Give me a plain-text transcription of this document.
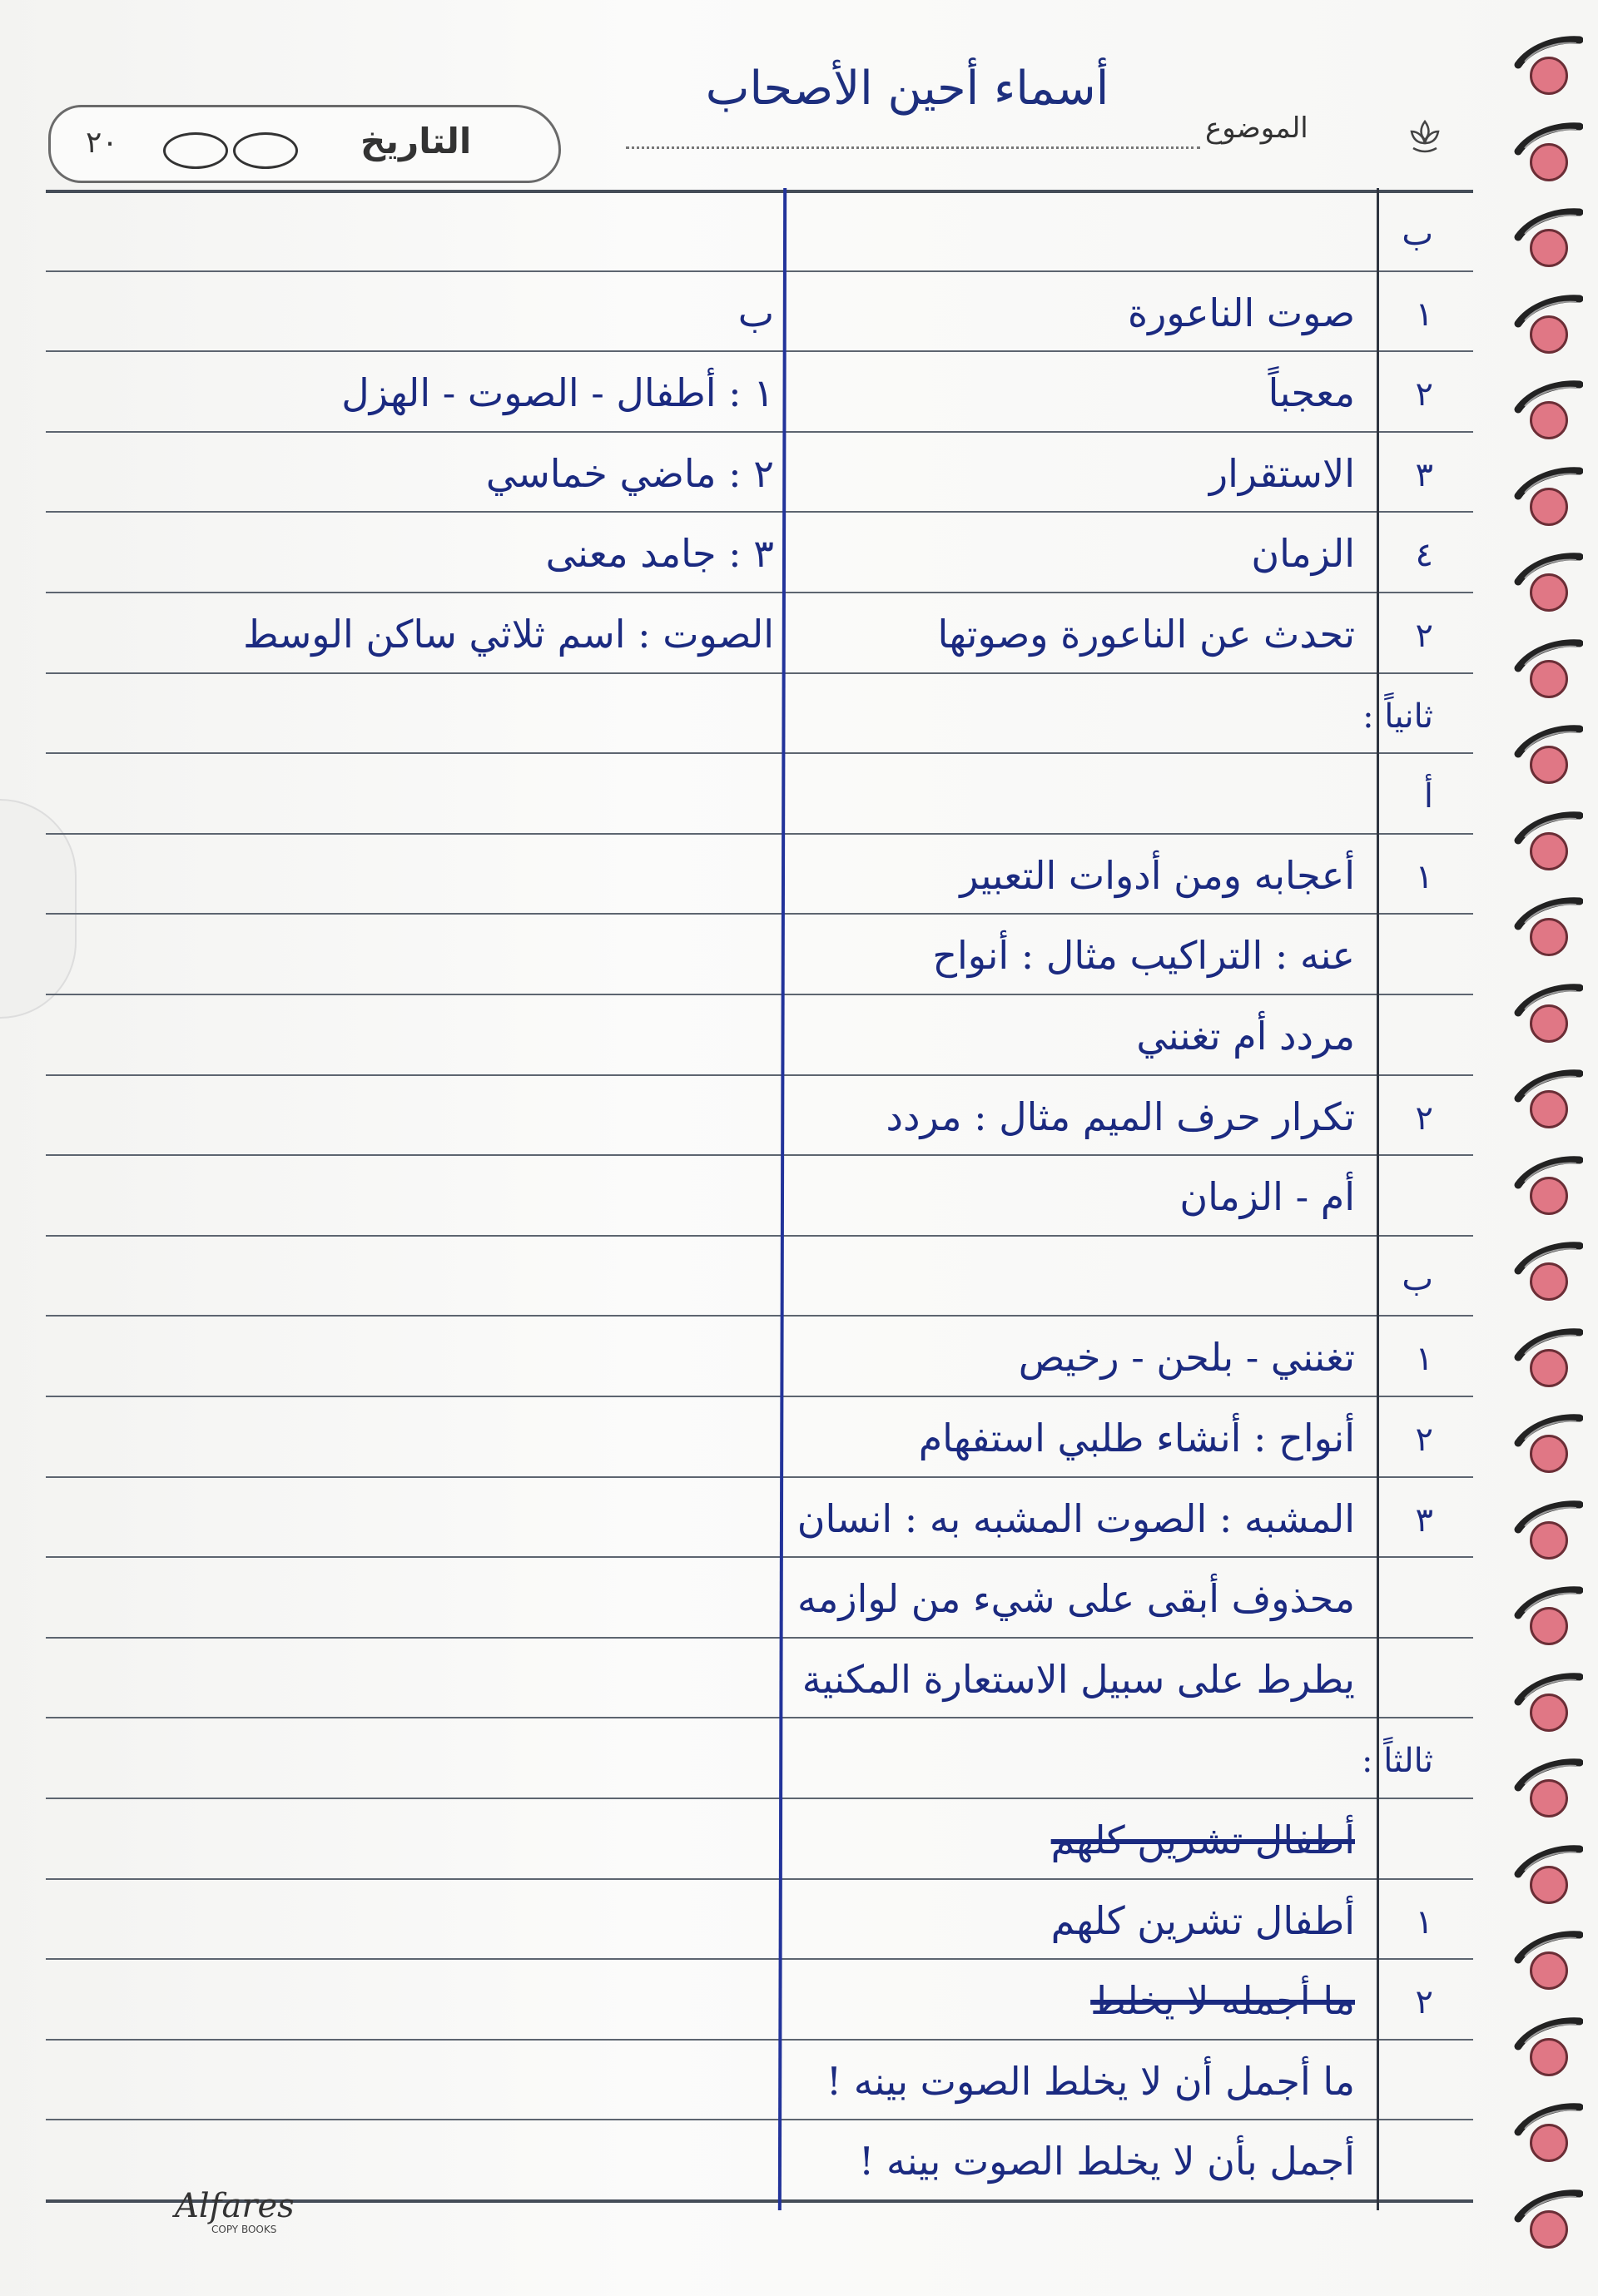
أسماء أحين الأصحاب
٢٠	التاريخ	الموضوع
ب
١
صوت الناعورة
٢
معجباً
٣
الاستقرار
٤
الزمان
٢
تحدث عن الناعورة وصوتها
ثانياً :
أ
١
أعجابه ومن أدوات التعبير
عنه : التراكيب مثال : أنواح
مردد أم تغنني
٢
تكرار حرف الميم مثال : مردد
أم - الزمان
ب
١
تغنني - بلحن - رخيص
٢
أنواح : أنشاء طلبي استفهام
٣
المشبه : الصوت المشبه به : انسان
محذوف أبقى على شيء من لوازمه
يطرط على سبيل الاستعارة المكنية
ثالثاً :
أطفال تشرين كلهم
١
أطفال تشرين كلهم
٢
ما أجمله لا يخلط
ما أجمل أن لا يخلط الصوت بينه !
أجمل بأن لا يخلط الصوت بينه !
ب
١ : أطفال - الصوت - الهزل
٢ : ماضي خماسي
٣ : جامد معنى
الصوت : اسم ثلاثي ساكن الوسط
Alfares
COPY BOOKS
